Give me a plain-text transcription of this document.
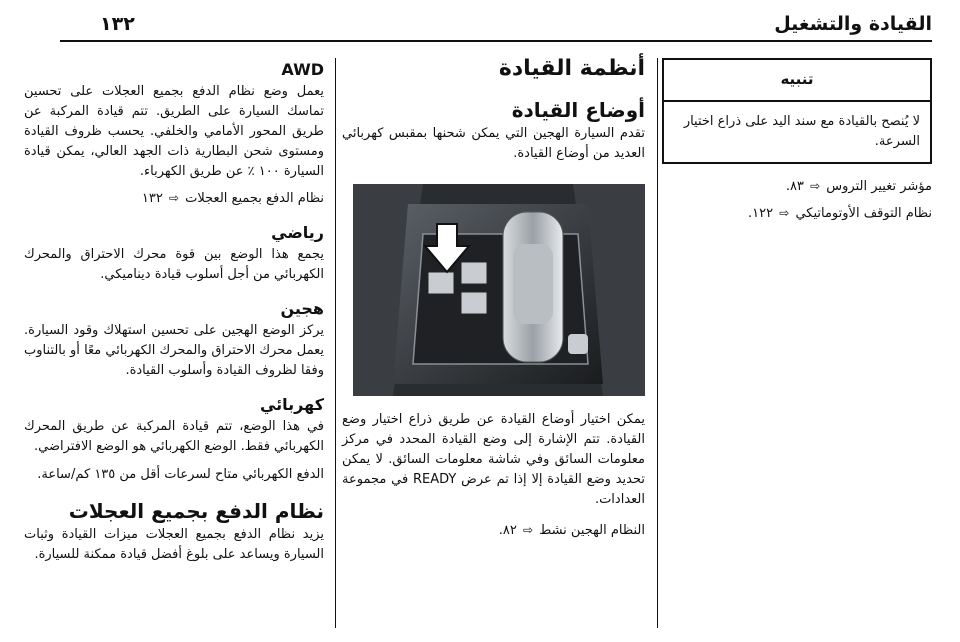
القيادة والتشغيل
١٣٢
تنبيه
لا يُنصح بالقيادة مع سند اليد على ذراع اختيار السرعة.

مؤشر تغيير التروس ⇨ ٨٣.

نظام التوقف الأوتوماتيكي ⇨ ١٢٢.

أنظمة القيادة
أوضاع القيادة

تقدم السيارة الهجين التي يمكن شحنها بمقبس كهربائي العديد من أوضاع القيادة.

يمكن اختيار أوضاع القيادة عن طريق ذراع اختيار وضع القيادة. تتم الإشارة إلى وضع القيادة المحدد في مركز معلومات السائق وفي شاشة معلومات السائق. لا يمكن تحديد وضع القيادة إلا إذا تم عرض READY في مجموعة العدادات.

النظام الهجين نشط ⇨ ٨٢.

AWD

يعمل وضع نظام الدفع بجميع العجلات على تحسين تماسك السيارة على الطريق. تتم قيادة المركبة عن طريق المحور الأمامي والخلفي. يحسب ظروف القيادة ومستوى شحن البطارية ذات الجهد العالي، يمكن قيادة السيارة ١٠٠ ٪ عن طريق الكهرباء.

نظام الدفع بجميع العجلات ⇨ ١٣٢

رياضي

يجمع هذا الوضع بين قوة محرك الاحتراق والمحرك الكهربائي من أجل أسلوب قيادة ديناميكي.

هجين

يركز الوضع الهجين على تحسين استهلاك وقود السيارة. يعمل محرك الاحتراق والمحرك الكهربائي معًا أو بالتناوب وفقا لظروف القيادة وأسلوب القيادة.

كهربائي

في هذا الوضع، تتم قيادة المركبة عن طريق المحرك الكهربائي فقط. الوضع الكهربائي هو الوضع الافتراضي.

الدفع الكهربائي متاح لسرعات أقل من ١٣٥ كم/ساعة.

نظام الدفع بجميع العجلات

يزيد نظام الدفع بجميع العجلات ميزات القيادة وثبات السيارة ويساعد على بلوغ أفضل قيادة ممكنة للسيارة.
